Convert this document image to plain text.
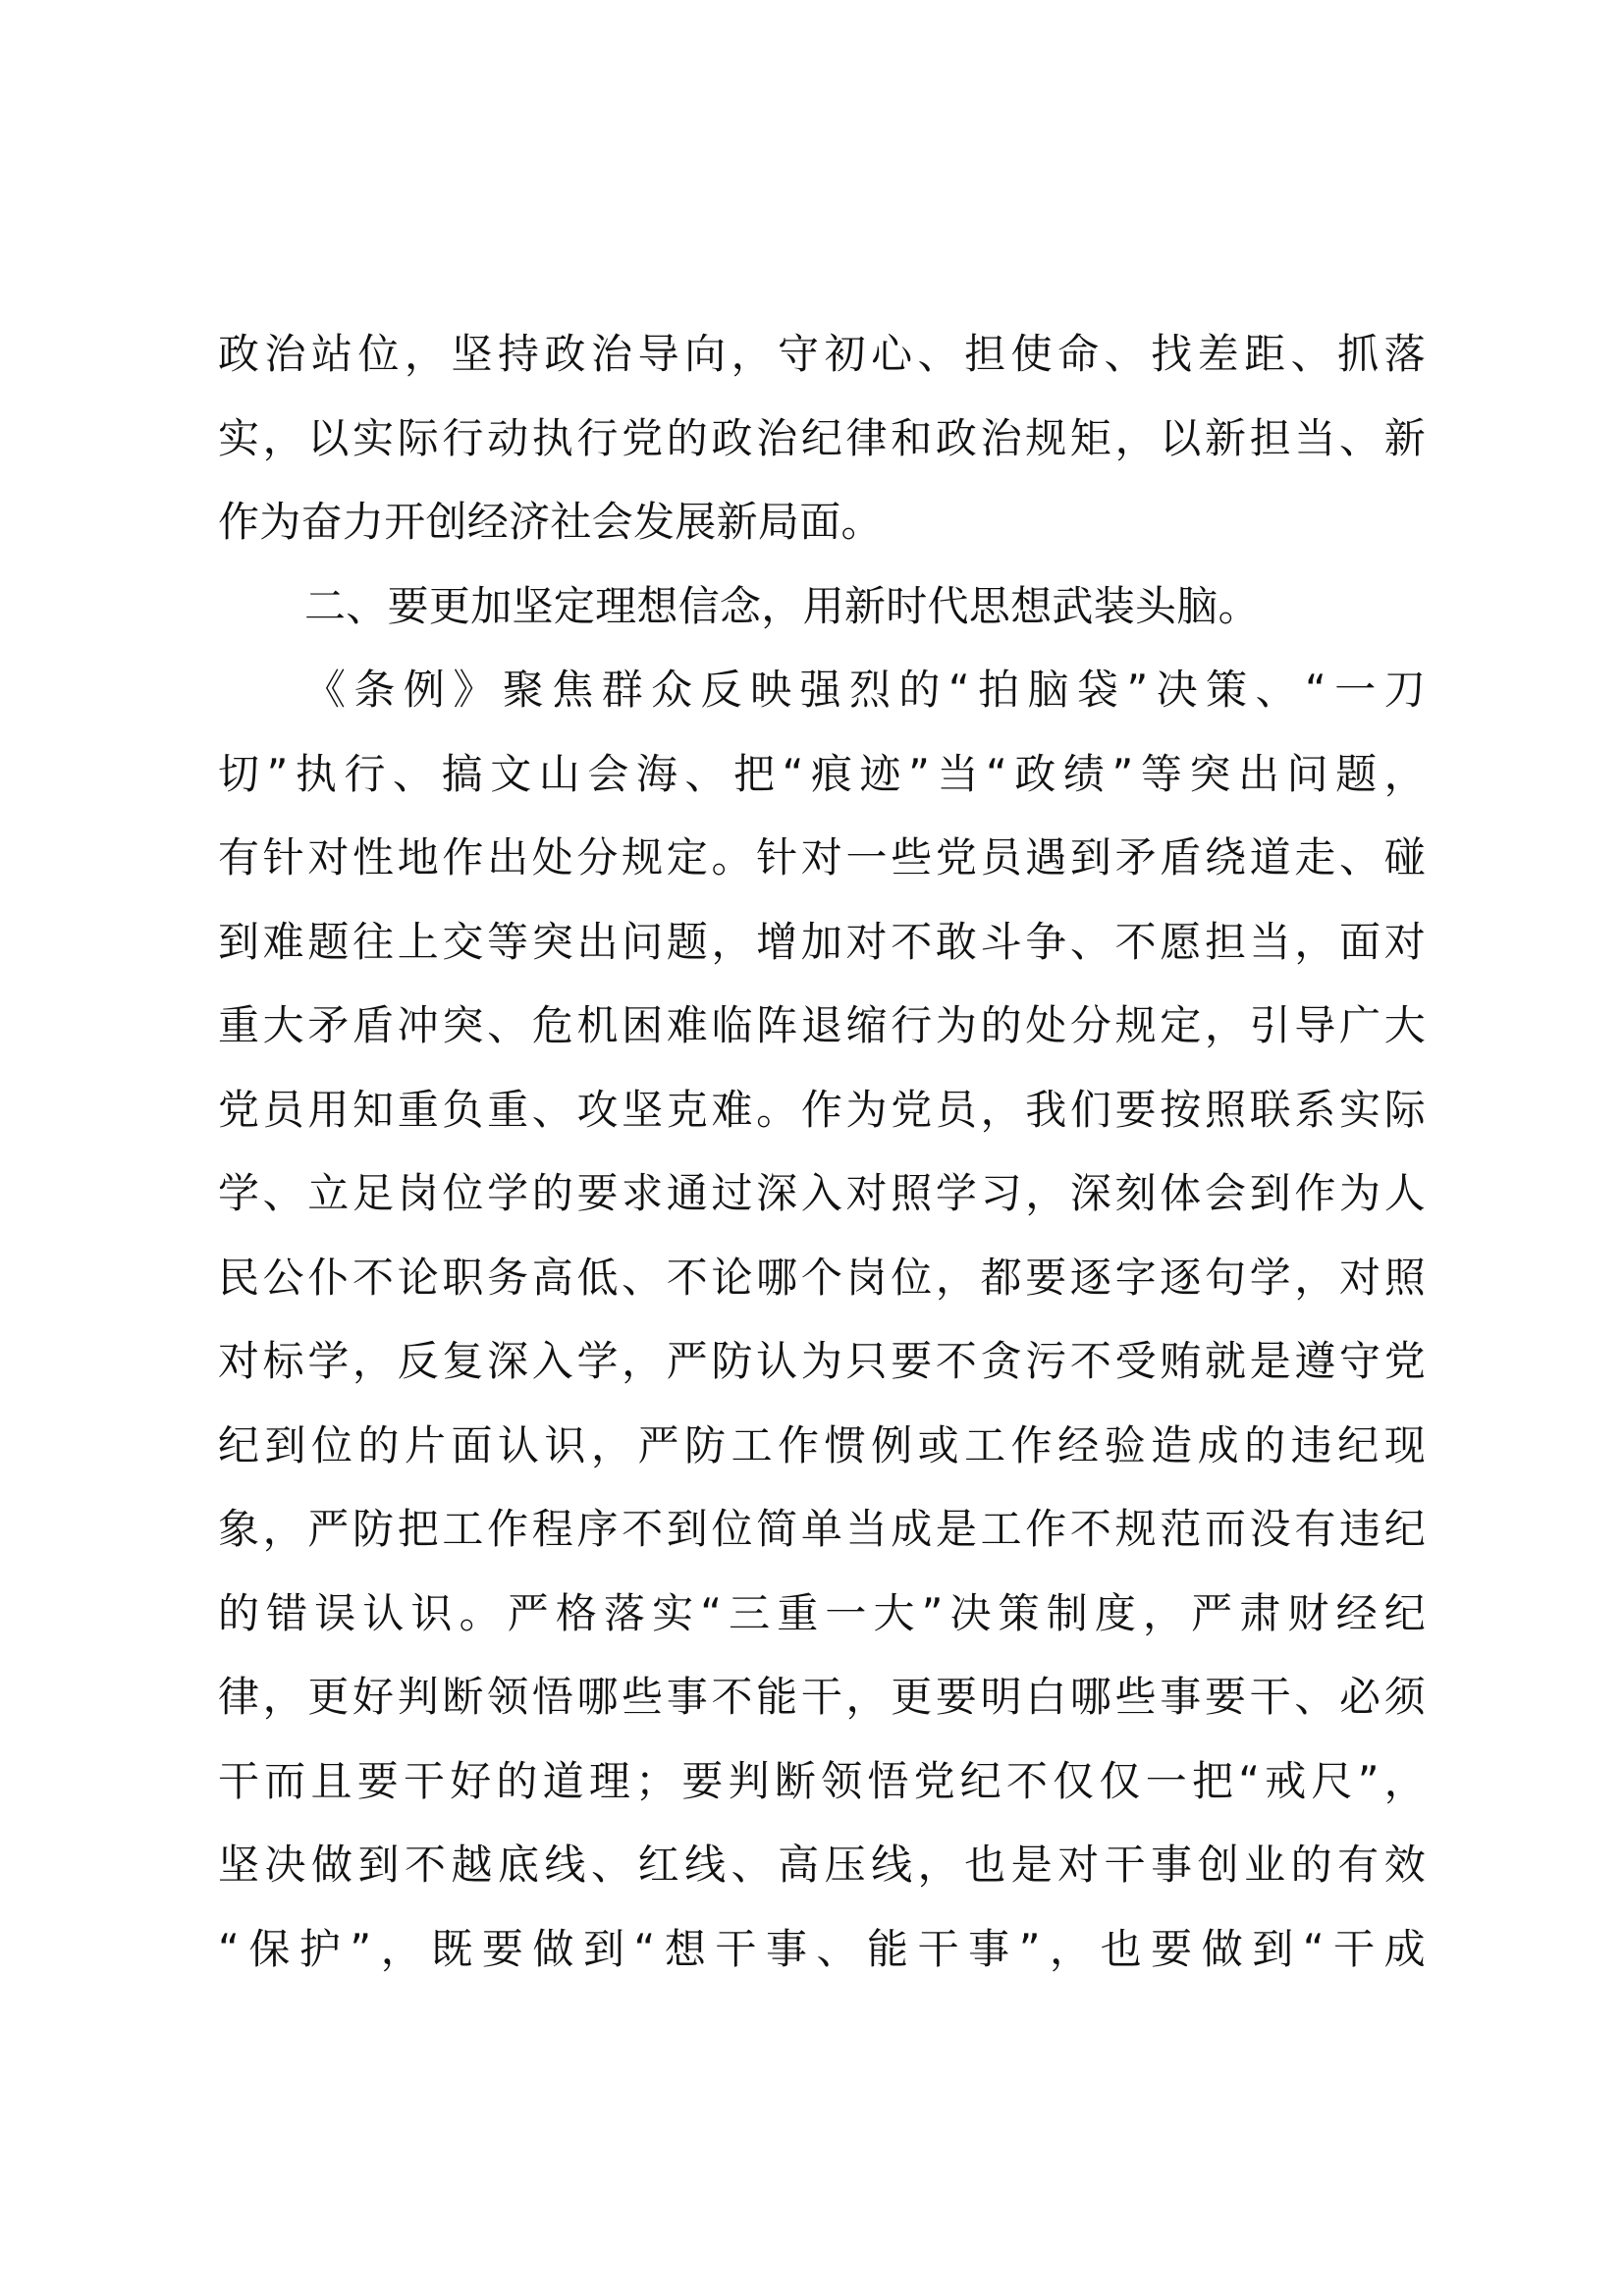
政治站位，坚持政治导向，守初心、担使命、找差距、抓落
实，以实际行动执行党的政治纪律和政治规矩，以新担当、新
作为奋力开创经济社会发展新局面。
二、要更加坚定理想信念，用新时代思想武装头脑。
《条例》聚焦群众反映强烈的“拍脑袋”决策、“一刀
切”执行、搞文山会海、把“痕迹”当“政绩”等突出问题，
有针对性地作出处分规定。针对一些党员遇到矛盾绕道走、碰
到难题往上交等突出问题，增加对不敢斗争、不愿担当，面对
重大矛盾冲突、危机困难临阵退缩行为的处分规定，引导广大
党员用知重负重、攻坚克难。作为党员，我们要按照联系实际
学、立足岗位学的要求通过深入对照学习，深刻体会到作为人
民公仆不论职务高低、不论哪个岗位，都要逐字逐句学，对照
对标学，反复深入学，严防认为只要不贪污不受贿就是遵守党
纪到位的片面认识，严防工作惯例或工作经验造成的违纪现
象，严防把工作程序不到位简单当成是工作不规范而没有违纪
的错误认识。严格落实“三重一大”决策制度，严肃财经纪
律，更好判断领悟哪些事不能干，更要明白哪些事要干、必须
干而且要干好的道理；要判断领悟党纪不仅仅一把“戒尺”，
坚决做到不越底线、红线、高压线，也是对干事创业的有效
“保护”，既要做到“想干事、能干事”，也要做到“干成
